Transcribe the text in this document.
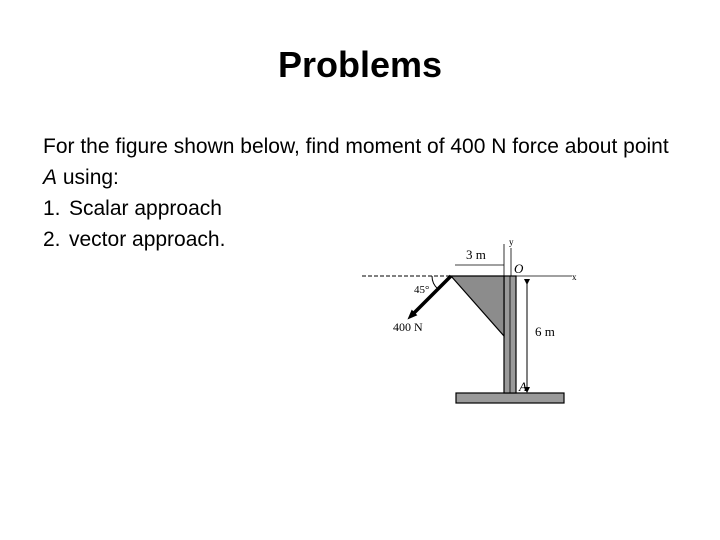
Problems

For the figure shown below, find moment of 400 N force about point A using:

1. Scalar approach

2. vector approach.

3 m
y
O
x
45°
400 N	6 m
A
